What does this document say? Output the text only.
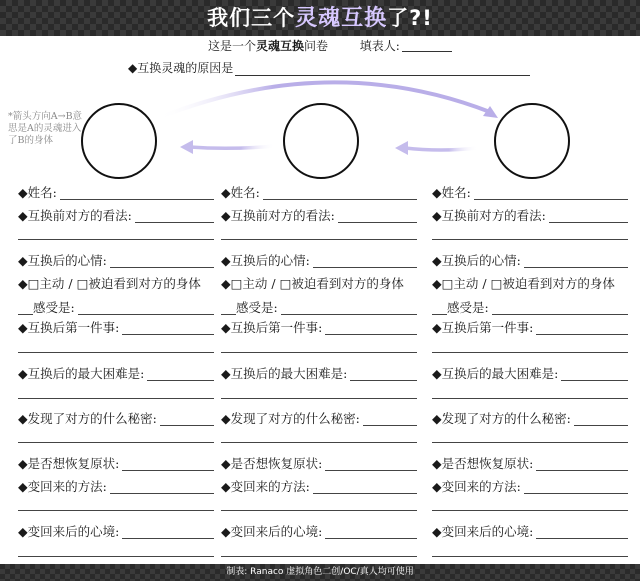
我们三个灵魂互换了?!
这是一个灵魂互换问卷	填表人:
◆互换灵魂的原因是
*箭头方向A→B意思是A的灵魂进入了B的身体
◆姓名:
◆互换前对方的看法:
◆互换后的心情:
◆□主动 / □被迫看到对方的身体
感受是:
◆互换后第一件事:
◆互换后的最大困难是:
◆发现了对方的什么秘密:
◆是否想恢复原状:
◆变回来的方法:
◆变回来后的心境:
◆姓名:
◆互换前对方的看法:
◆互换后的心情:
◆□主动 / □被迫看到对方的身体
感受是:
◆互换后第一件事:
◆互换后的最大困难是:
◆发现了对方的什么秘密:
◆是否想恢复原状:
◆变回来的方法:
◆变回来后的心境:
◆姓名:
◆互换前对方的看法:
◆互换后的心情:
◆□主动 / □被迫看到对方的身体
感受是:
◆互换后第一件事:
◆互换后的最大困难是:
◆发现了对方的什么秘密:
◆是否想恢复原状:
◆变回来的方法:
◆变回来后的心境:
制表: Ranaco 虚拟角色二创/OC/真人均可使用
